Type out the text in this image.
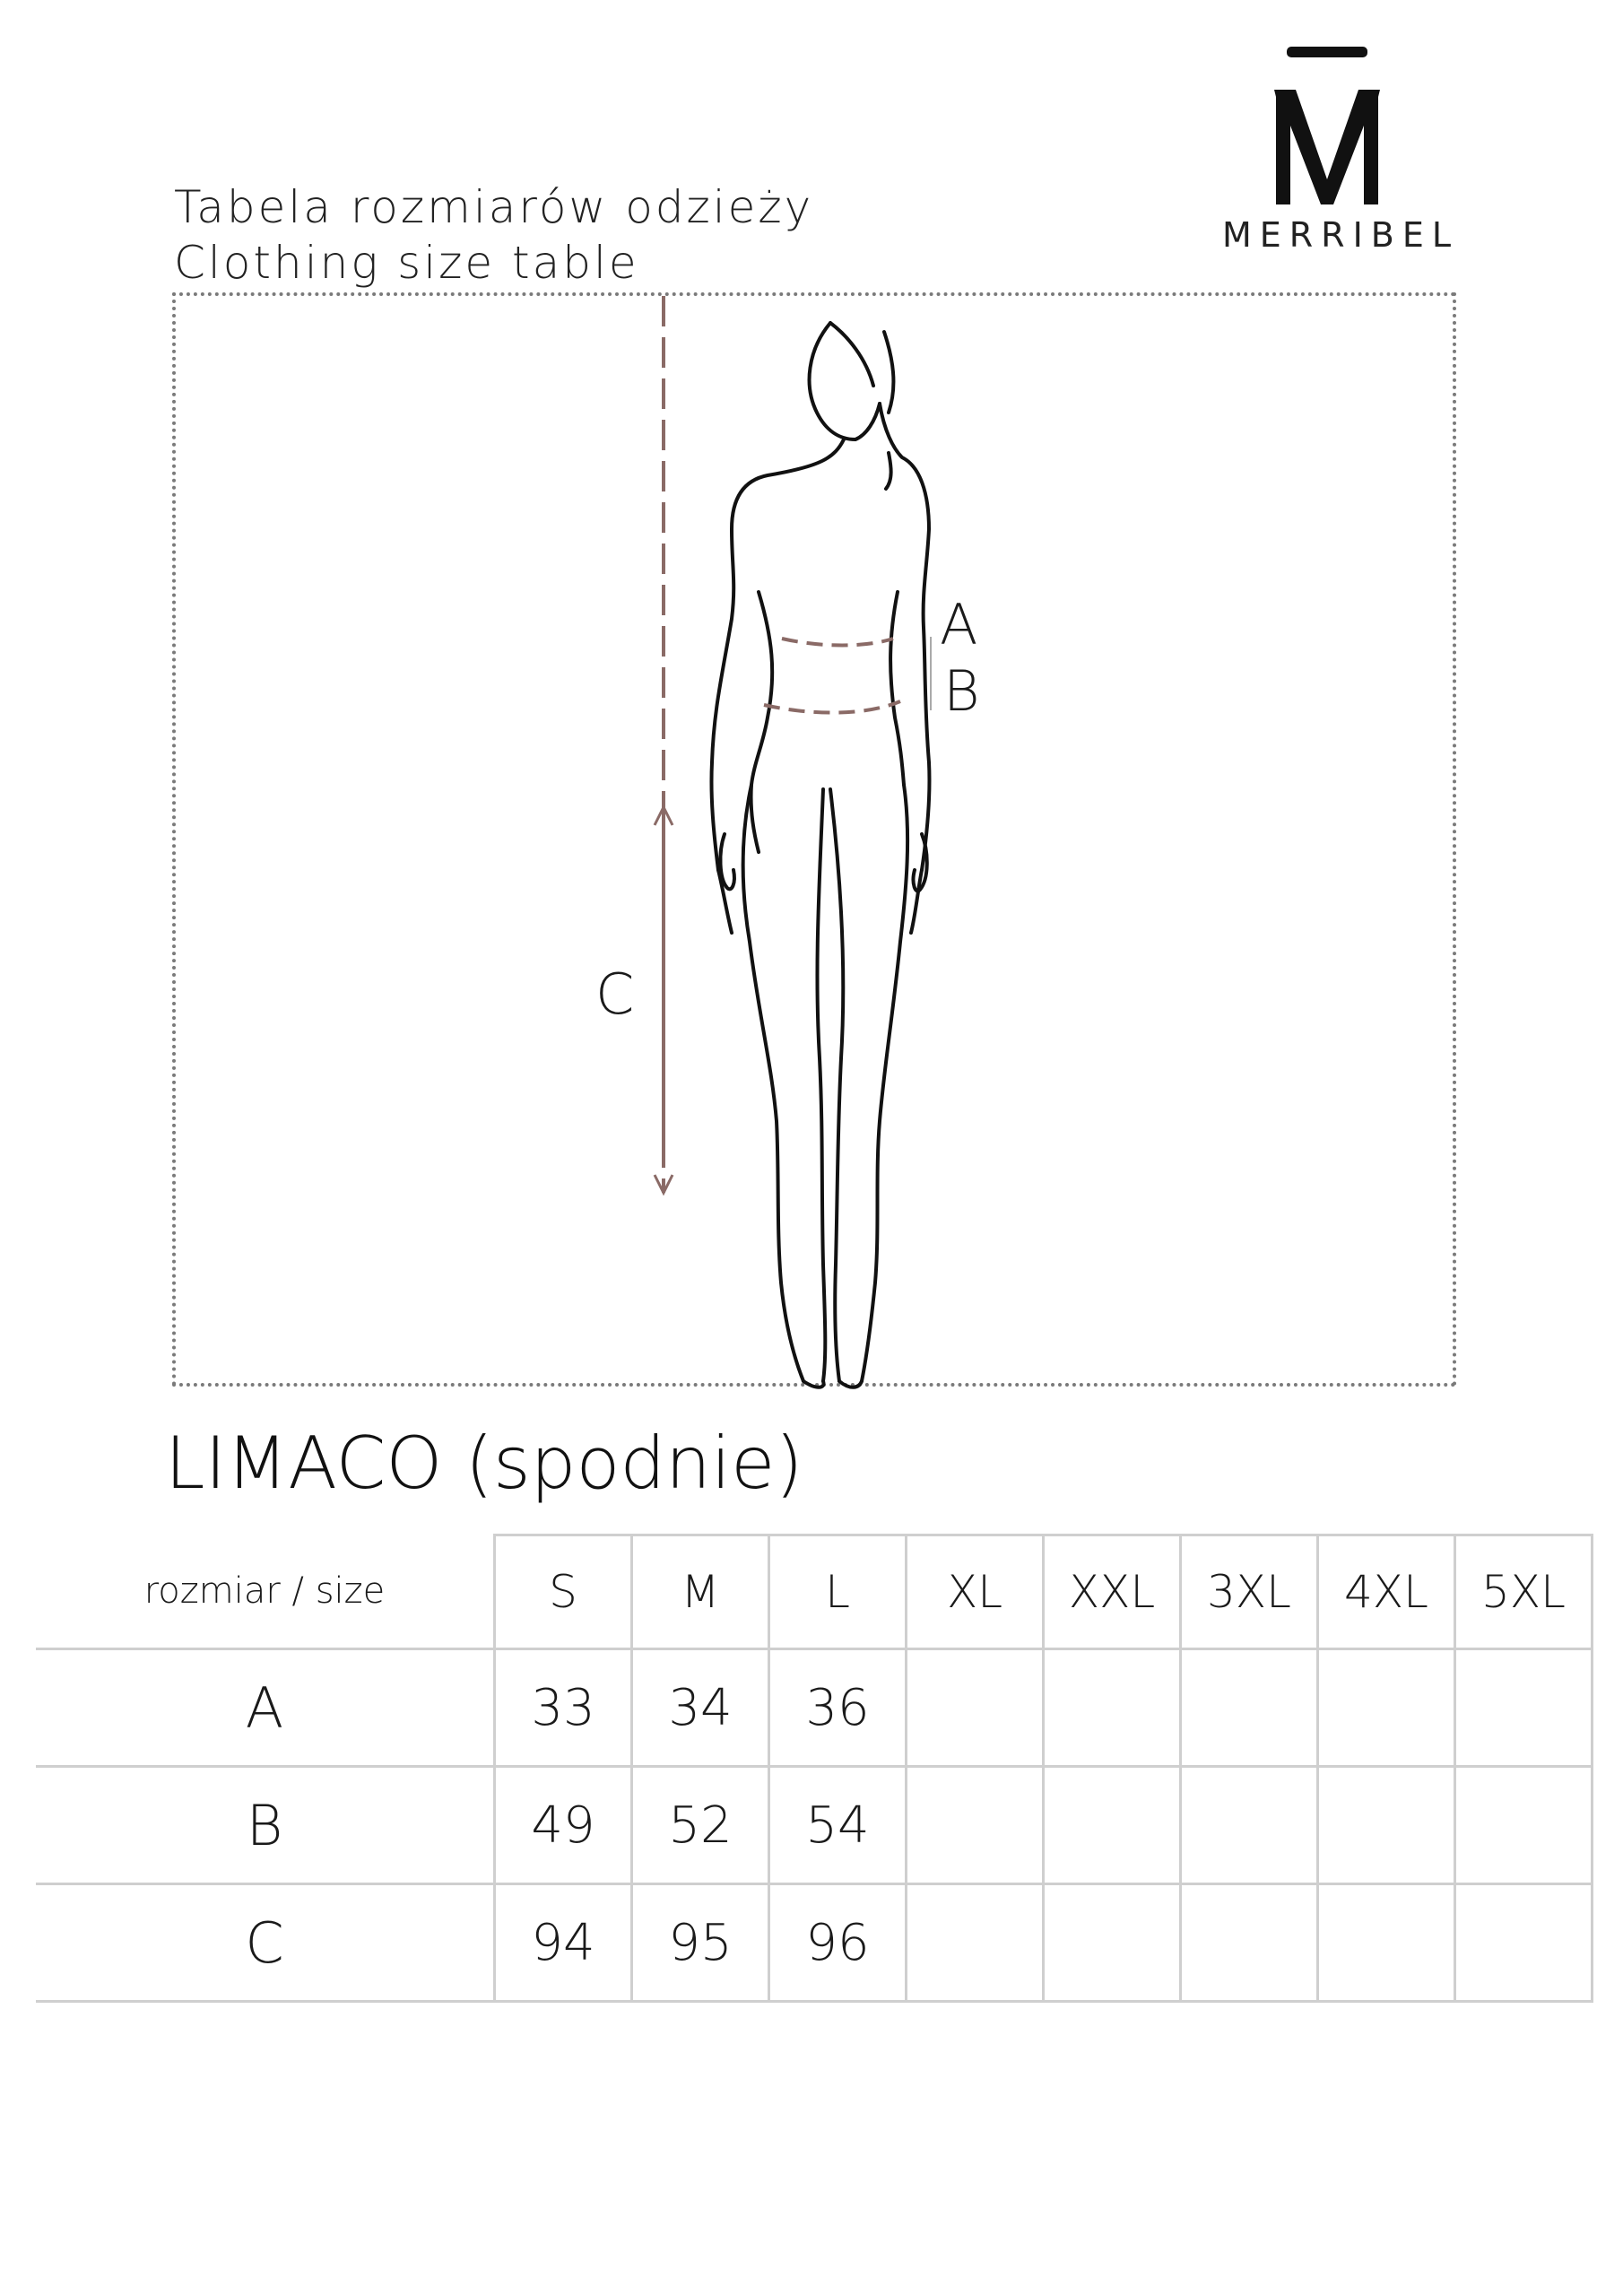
Tabela rozmiarów odzieży
Clothing size table
MERRIBEL
A
B
C
LIMACO (spodnie)
rozmiar / size	S	M	L	XL	XXL	3XL	4XL	5XL
A	33	34	36					
B	49	52	54					
C	94	95	96					
